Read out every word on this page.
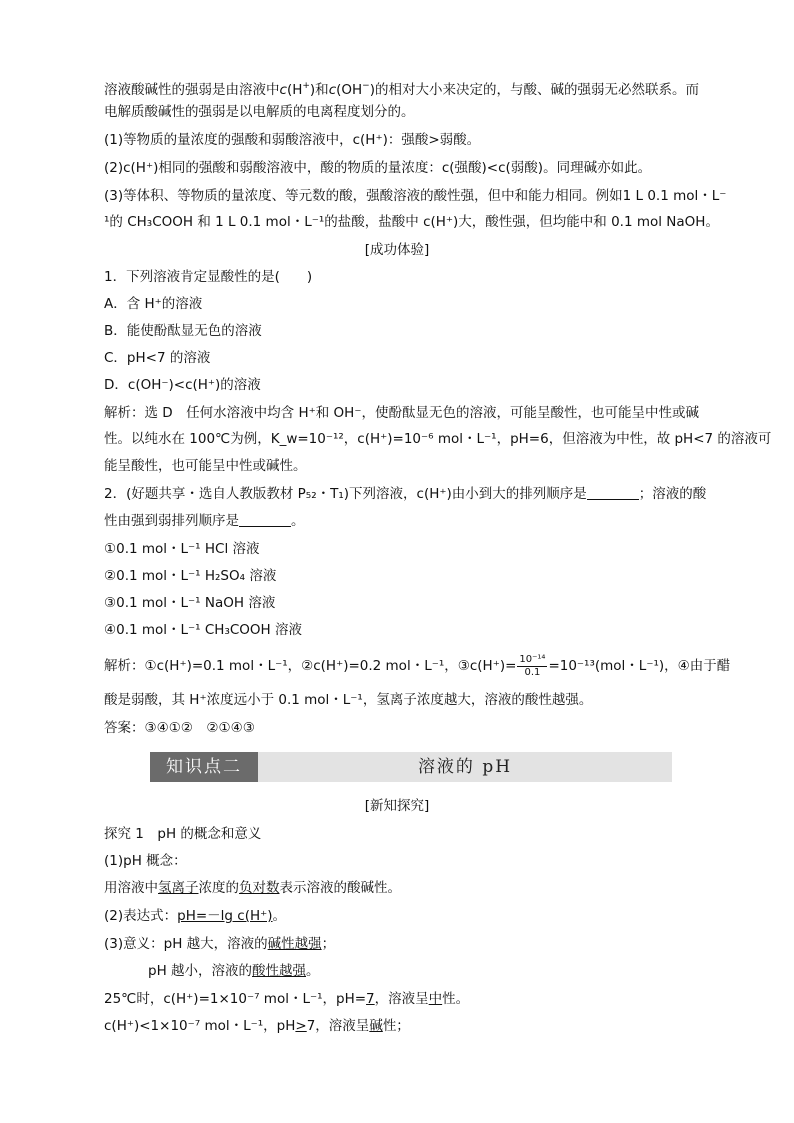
溶液酸碱性的强弱是由溶液中c(H+)和c(OH−)的相对大小来决定的，与酸、碱的强弱无必然联系。而
电解质酸碱性的强弱是以电解质的电离程度划分的。
(1)等物质的量浓度的强酸和弱酸溶液中，c(H⁺)：强酸>弱酸。
(2)c(H⁺)相同的强酸和弱酸溶液中，酸的物质的量浓度：c(强酸)<c(弱酸)。同理碱亦如此。
(3)等体积、等物质的量浓度、等元数的酸，强酸溶液的酸性强，但中和能力相同。例如1 L 0.1 mol・L⁻
¹的 CH₃COOH 和 1 L 0.1 mol・L⁻¹的盐酸，盐酸中 c(H⁺)大，酸性强，但均能中和 0.1 mol NaOH。
[成功体验]
1．下列溶液肯定显酸性的是(　　)
A．含 H⁺的溶液
B．能使酚酞显无色的溶液
C．pH<7 的溶液
D．c(OH⁻)<c(H⁺)的溶液
解析：选 D　任何水溶液中均含 H⁺和 OH⁻，使酚酞显无色的溶液，可能呈酸性，也可能呈中性或碱
性。以纯水在 100℃为例，K_w=10⁻¹²，c(H⁺)=10⁻⁶ mol・L⁻¹，pH=6，但溶液为中性，故 pH<7 的溶液可
能呈酸性，也可能呈中性或碱性。
2．(好题共享・选自人教版教材 P₅₂・T₁)下列溶液，c(H⁺)由小到大的排列顺序是	；溶液的酸
性由强到弱排列顺序是	。
①0.1 mol・L⁻¹ HCl 溶液
②0.1 mol・L⁻¹ H₂SO₄ 溶液
③0.1 mol・L⁻¹ NaOH 溶液
④0.1 mol・L⁻¹ CH₃COOH 溶液
解析：①c(H⁺)=0.1 mol・L⁻¹，②c(H⁺)=0.2 mol・L⁻¹，③c(H⁺)= $\frac{\text{10⁻¹⁴}}{0.1} =10^{-13}(mol$・L⁻¹)，④由于醋
酸是弱酸，其 H⁺浓度远小于 0.1 mol・L⁻¹，氢离子浓度越大，溶液的酸性越强。
答案：③④①②　②①④③
知识点二	溶液的 pH
[新知探究]
探究 1　pH 的概念和意义
(1)pH 概念：
用溶液中氢离子浓度的负对数表示溶液的酸碱性。
(2)表达式：pH=－lg c(H⁺)。
(3)意义：pH 越大，溶液的碱性越强；
pH 越小，溶液的酸性越强。
25℃时，c(H⁺)=1×10⁻⁷ mol・L⁻¹，pH=7，溶液呈中性。
c(H⁺)<1×10⁻⁷ mol・L⁻¹，pH>7，溶液呈碱性；
